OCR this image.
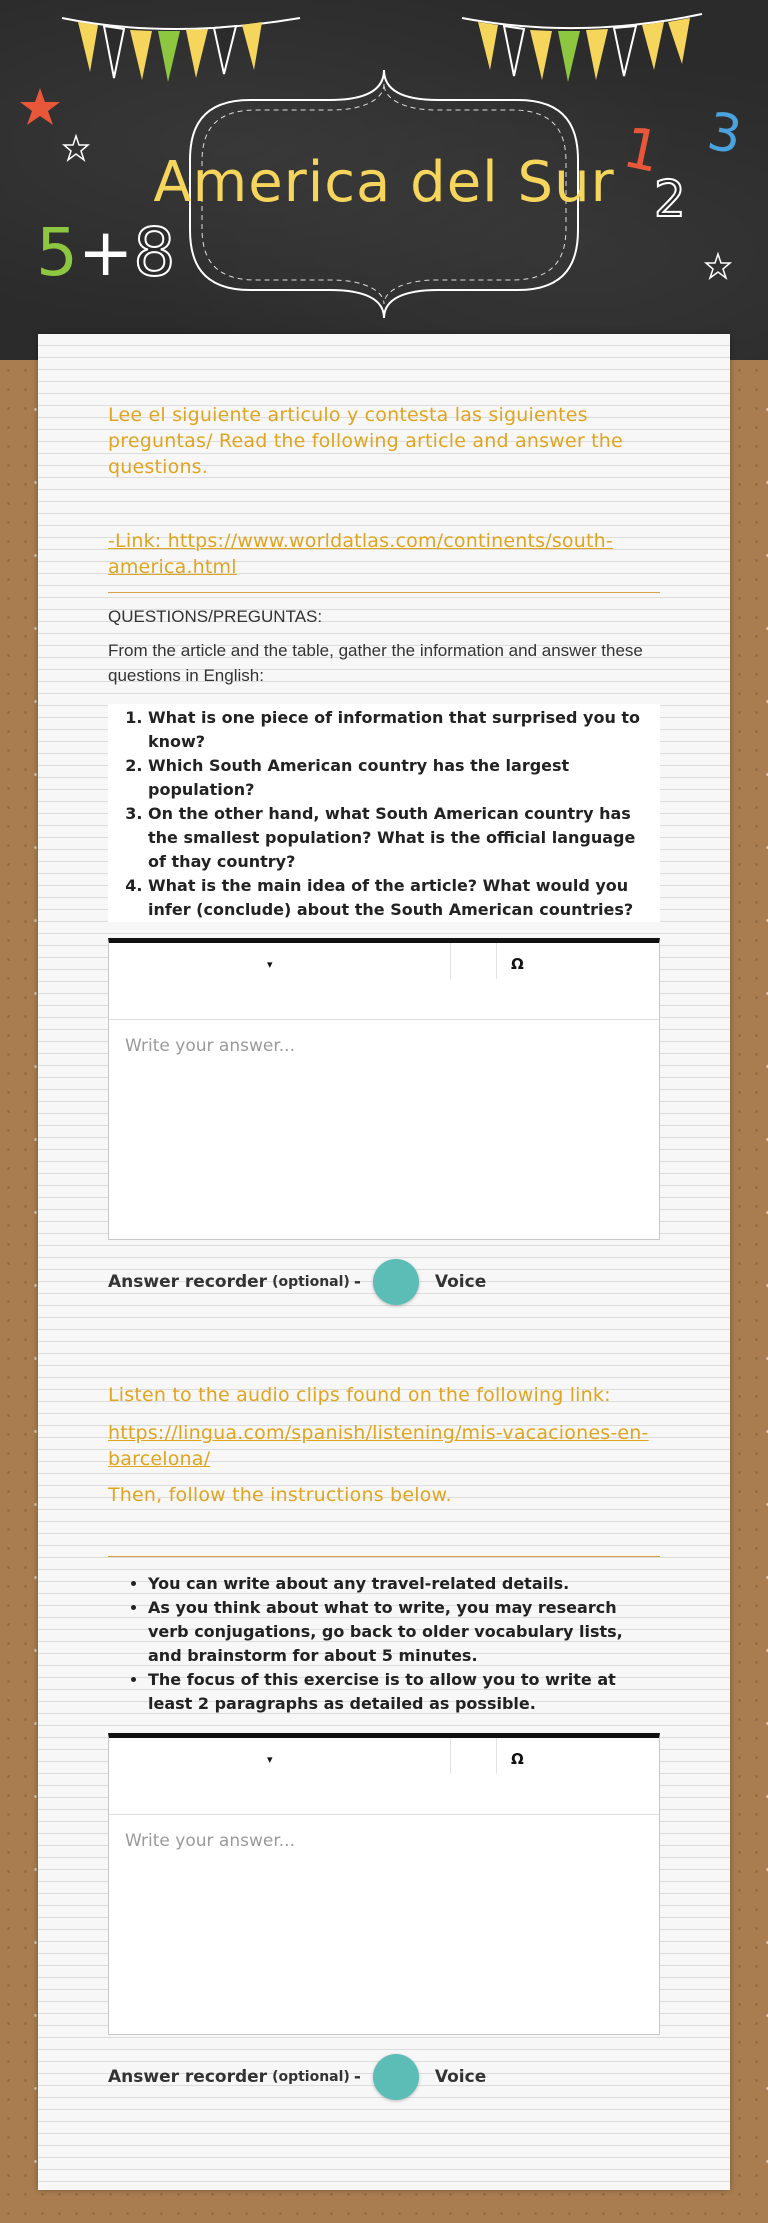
5+8
1
2
3
America del Sur
Lee el siguiente articulo y contesta las siguientes preguntas/ Read the following article and answer the questions.
-Link: https://www.worldatlas.com/continents/south-america.html
QUESTIONS/PREGUNTAS:
From the article and the table, gather the information and answer these questions in English:
1. What is one piece of information that surprised you to know?
2. Which South American country has the largest population?
3. On the other hand, what South American country has the smallest population? What is the official language of thay country?
4. What is the main idea of the article? What would you infer (conclude) about the South American countries?
▾	Ω
Write your answer...
Answer recorder (optional) -	Voice
Listen to the audio clips found on the following link:
https://lingua.com/spanish/listening/mis-vacaciones-en-barcelona/
Then, follow the instructions below.
• You can write about any travel-related details.
• As you think about what to write, you may research verb conjugations, go back to older vocabulary lists, and brainstorm for about 5 minutes.
• The focus of this exercise is to allow you to write at least 2 paragraphs as detailed as possible.
▾	Ω
Write your answer...
Answer recorder (optional) -	Voice
